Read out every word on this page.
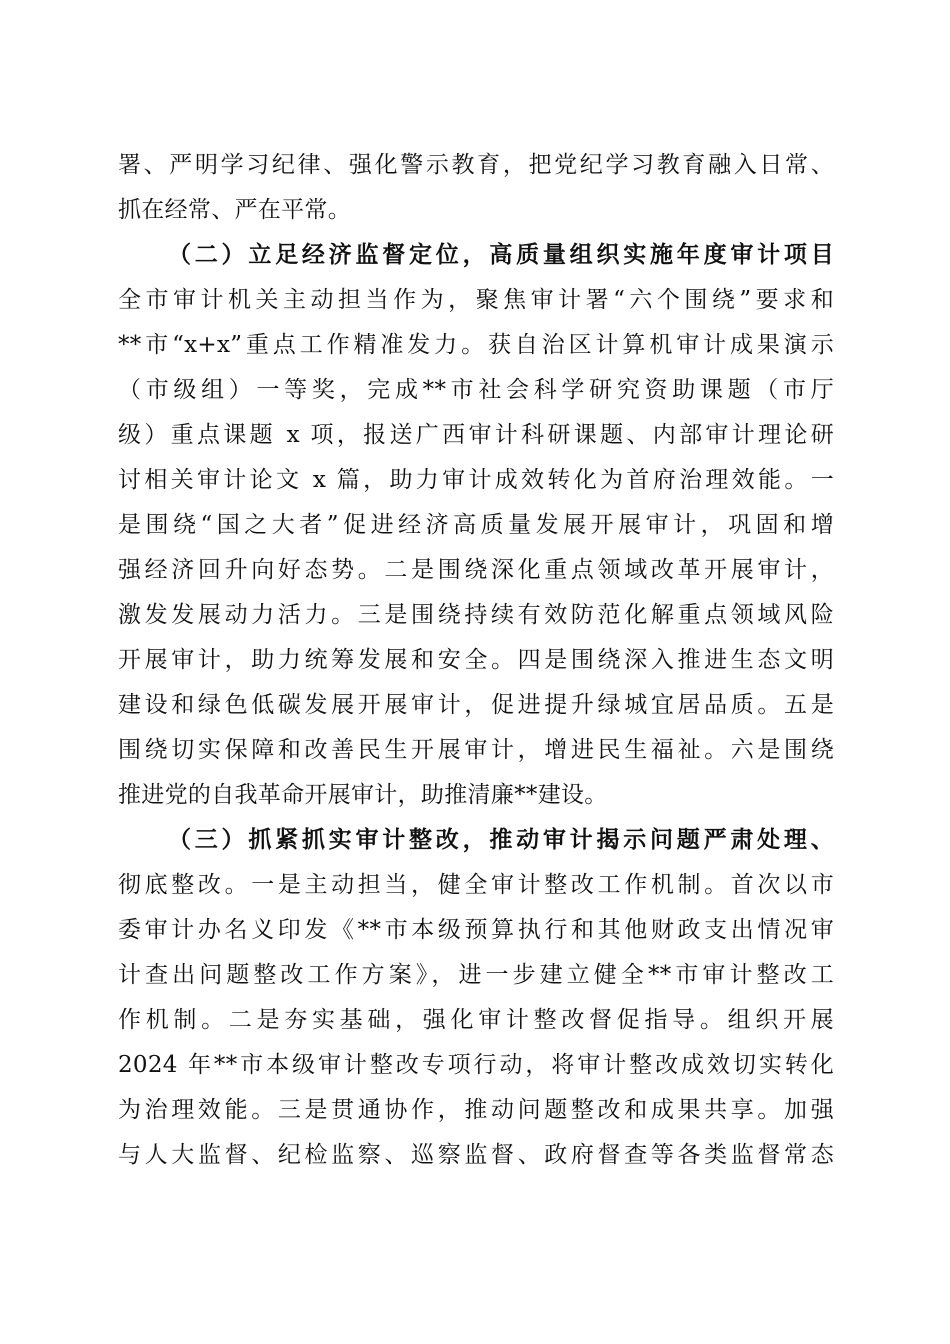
署、严明学习纪律、强化警示教育，把党纪学习教育融入日常、
抓在经常、严在平常。
（二）立足经济监督定位，高质量组织实施年度审计项目
全市审计机关主动担当作为，聚焦审计署“六个围绕”要求和
**市“x+x”重点工作精准发力。获自治区计算机审计成果演示
（市级组）一等奖，完成**市社会科学研究资助课题（市厅
级）重点课题 x 项，报送广西审计科研课题、内部审计理论研
讨相关审计论文 x 篇，助力审计成效转化为首府治理效能。一
是围绕“国之大者”促进经济高质量发展开展审计，巩固和增
强经济回升向好态势。二是围绕深化重点领域改革开展审计，
激发发展动力活力。三是围绕持续有效防范化解重点领域风险
开展审计，助力统筹发展和安全。四是围绕深入推进生态文明
建设和绿色低碳发展开展审计，促进提升绿城宜居品质。五是
围绕切实保障和改善民生开展审计，增进民生福祉。六是围绕
推进党的自我革命开展审计，助推清廉**建设。
（三）抓紧抓实审计整改，推动审计揭示问题严肃处理、
彻底整改。一是主动担当，健全审计整改工作机制。首次以市
委审计办名义印发《**市本级预算执行和其他财政支出情况审
计查出问题整改工作方案》，进一步建立健全**市审计整改工
作机制。二是夯实基础，强化审计整改督促指导。组织开展
2024 年**市本级审计整改专项行动，将审计整改成效切实转化
为治理效能。三是贯通协作，推动问题整改和成果共享。加强
与人大监督、纪检监察、巡察监督、政府督查等各类监督常态
